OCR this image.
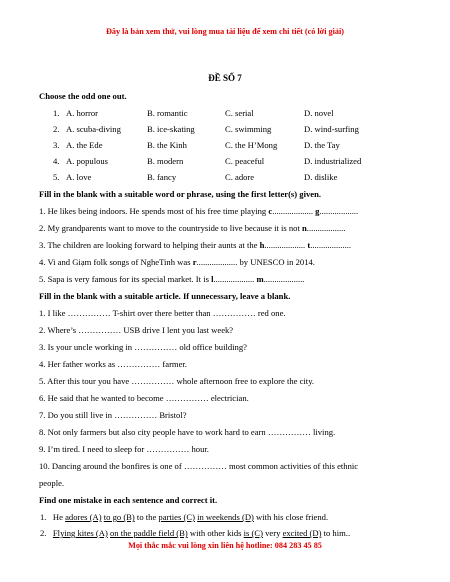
Đây là bản xem thử, vui lòng mua tài liệu để xem chi tiết (có lời giải)
ĐỀ SỐ 7
Choose the odd one out.
1. A. horror	B. romantic	C. serial	D. novel
2. A. scuba-diving	B. ice-skating	C. swimming	D. wind-surfing
3. A. the Ede	B. the Kinh	C. the H’Mong	D. the Tay
4. A. populous	B. modern	C. peaceful	D. industrialized
5. A. love	B. fancy	C. adore	D. dislike
Fill in the blank with a suitable word or phrase, using the first letter(s) given.
1. He likes being indoors. He spends most of his free time playing c................... g..................
2. My grandparents want to move to the countryside to live because it is not n..................
3. The children are looking forward to helping their aunts at the h................... t...................
4. Vi and Giạm folk songs of NgheTinh was r................... by UNESCO in 2014.
5. Sapa is very famous for its special market. It is l................... m...................
Fill in the blank with a suitable article. If unnecessary, leave a blank.
1. I like …………… T-shirt over there better than …………… red one.
2. Where’s …………… USB drive I lent you last week?
3. Is your uncle working in …………… old office building?
4. Her father works as …………… farmer.
5. After this tour you have …………… whole afternoon free to explore the city.
6. He said that he wanted to become …………… electrician.
7. Do you still live in …………… Bristol?
8. Not only farmers but also city people have to work hard to earn …………… living.
9. I’m tired. I need to sleep for …………… hour.
10. Dancing around the bonfires is one of …………… most common activities of this ethnic
people.
Find one mistake in each sentence and correct it.
1. He adores (A) to go (B) to the parties (C) in weekends (D) with his close friend.
2. Flying kites (A) on the paddle field (B) with other kids is (C) very excited (D) to him..
Mọi thắc mắc vui lòng xin liên hệ hotline: 084 283 45 85
